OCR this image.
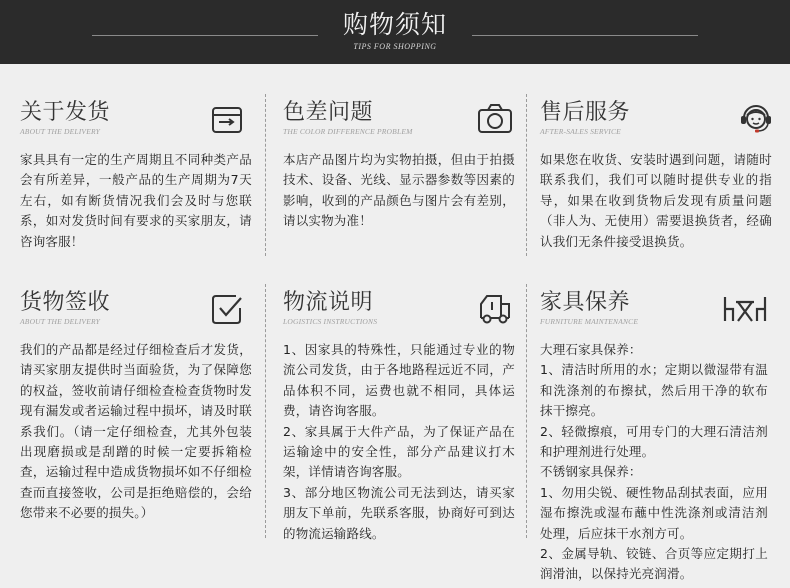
购物须知
TIPS FOR SHOPPING
关于发货
ABOUT THE DELIVERY

家具具有一定的生产周期且不同种类产品会有所差异，一般产品的生产周期为7天左右，如有断货情况我们会及时与您联系，如对发货时间有要求的买家朋友，请咨询客服！

色差问题
THE COLOR DIFFERENCE PROBLEM

本店产品图片均为实物拍摄，但由于拍摄技术、设备、光线、显示器参数等因素的影响，收到的产品颜色与图片会有差别，请以实物为准！

售后服务
AFTER-SALES SERVICE

如果您在收货、安装时遇到问题，请随时联系我们，我们可以随时提供专业的指导，如果在收到货物后发现有质量问题（非人为、无使用）需要退换货者，经确认我们无条件接受退换货。

货物签收
ABOUT THE DELIVERY

我们的产品都是经过仔细检查后才发货，请买家朋友提供时当面验货，为了保障您的权益，签收前请仔细检查检查货物时发现有漏发或者运输过程中损坏，请及时联系我们。（请一定仔细检查，尤其外包装出现磨损或是刮蹭的时候一定要拆箱检查，运输过程中造成货物损坏如不仔细检查而直接签收，公司是拒绝赔偿的，会给您带来不必要的损失。）

物流说明
LOGISTICS INSTRUCTIONS

1、因家具的特殊性，只能通过专业的物流公司发货，由于各地路程远近不同，产品体积不同，运费也就不相同，具体运费，请咨询客服。

2、家具属于大件产品，为了保证产品在运输途中的安全性，部分产品建议打木架，详情请咨询客服。

3、部分地区物流公司无法到达，请买家朋友下单前，先联系客服，协商好可到达的物流运输路线。

家具保养
FURNITURE MAINTENANCE

大理石家具保养：

1、清洁时所用的水；定期以微湿带有温和洗涤剂的布擦拭，然后用干净的软布抹干擦亮。

2、轻微擦痕，可用专门的大理石清洁剂和护理剂进行处理。

不锈钢家具保养：

1、勿用尖锐、硬性物品刮拭表面，应用湿布擦洗或湿布蘸中性洗涤剂或清洁剂处理，后应抹干水剂方可。

2、金属导轨、铰链、合页等应定期打上润滑油，以保持光亮润滑。
